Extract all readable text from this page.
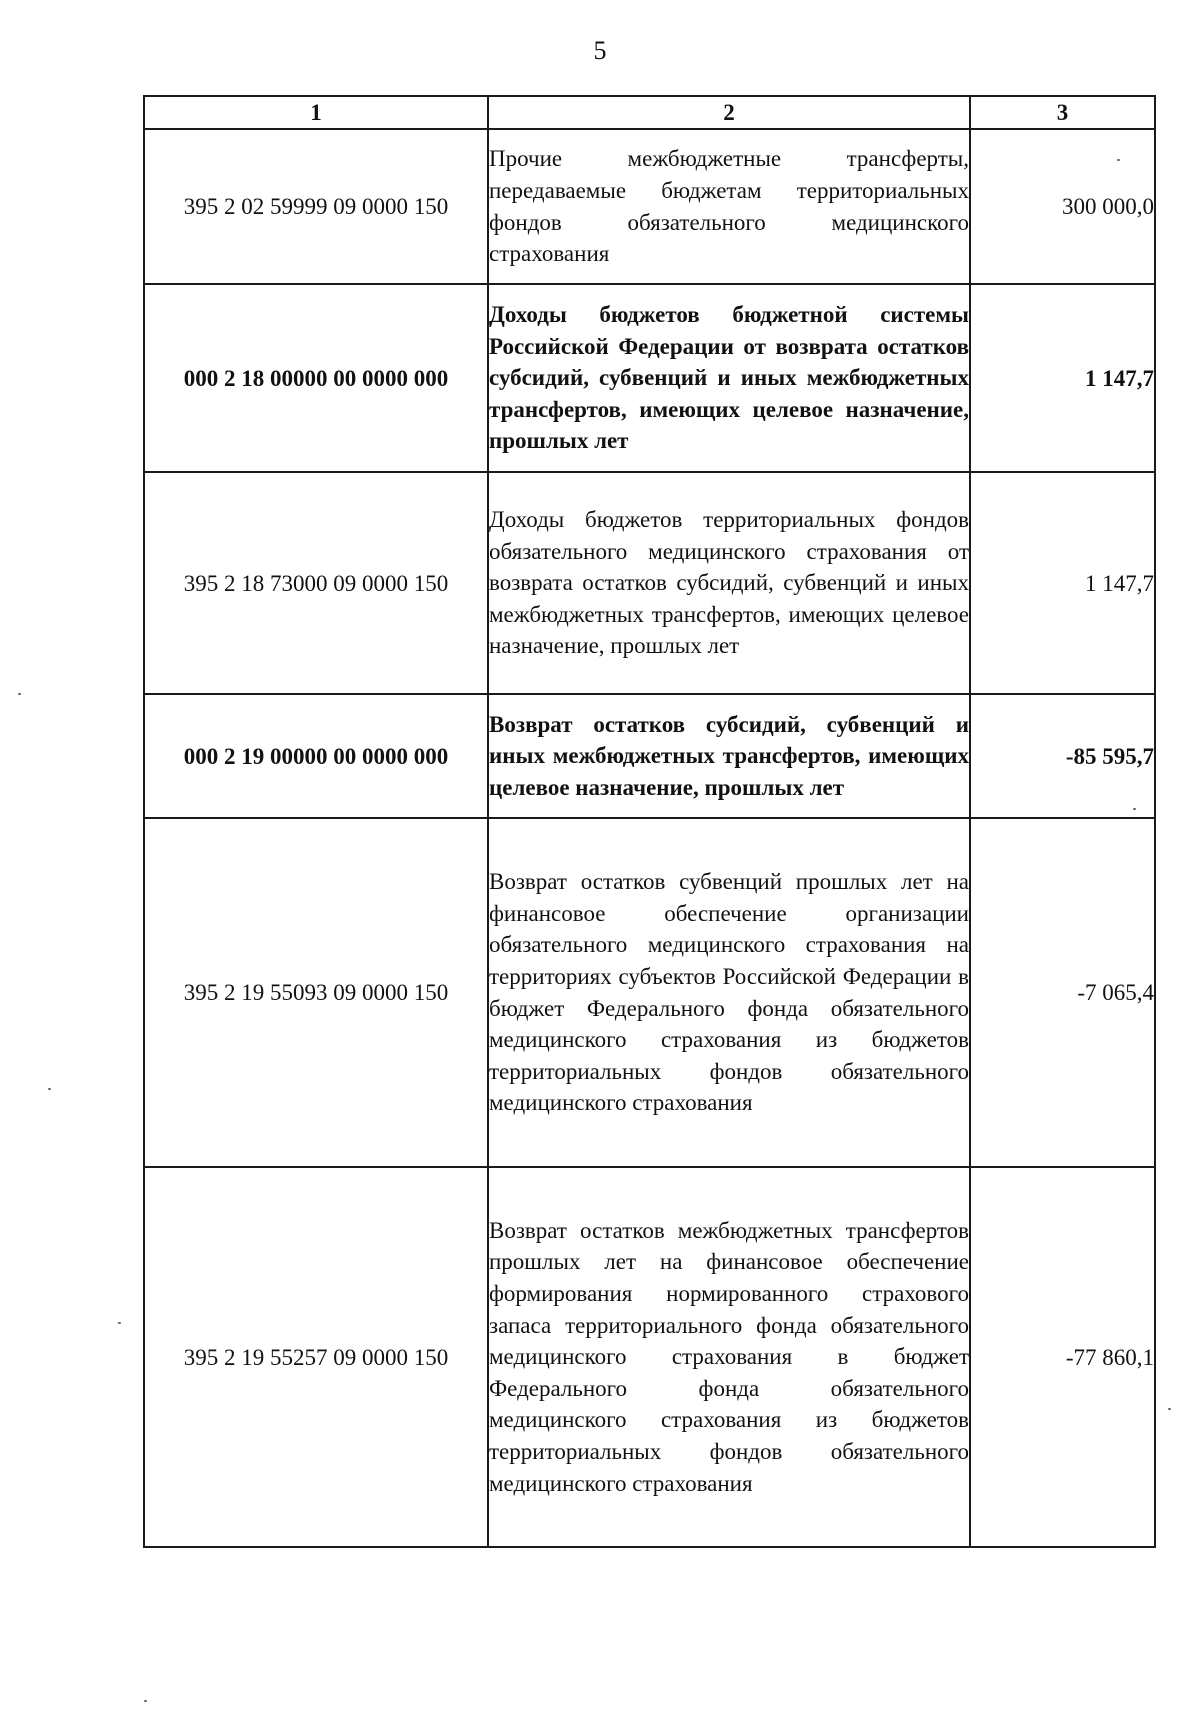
5
1	2	3
395 2 02 59999 09 0000 150	Прочие межбюджетные трансферты, передаваемые бюджетам территориальных фондов обязательного медицинского страхования	300 000,0
000 2 18 00000 00 0000 000	Доходы бюджетов бюджетной системы Российской Федерации от возврата остатков субсидий, субвенций и иных межбюджетных трансфертов, имеющих целевое назначение, прошлых лет	1 147,7
395 2 18 73000 09 0000 150	Доходы бюджетов территориальных фондов обязательного медицинского страхования от возврата остатков субсидий, субвенций и иных межбюджетных трансфертов, имеющих целевое назначение, прошлых лет	1 147,7
000 2 19 00000 00 0000 000	Возврат остатков субсидий, субвенций и иных межбюджетных трансфертов, имеющих целевое назначение, прошлых лет	-85 595,7
395 2 19 55093 09 0000 150	Возврат остатков субвенций прошлых лет на финансовое обеспечение организации обязательного медицинского страхования на территориях субъектов Российской Федерации в бюджет Федерального фонда обязательного медицинского страхования из бюджетов территориальных фондов обязательного медицинского страхования	-7 065,4
395 2 19 55257 09 0000 150	Возврат остатков межбюджетных трансфертов прошлых лет на финансовое обеспечение формирования нормированного страхового запаса территориального фонда обязательного медицинского страхования в бюджет Федерального фонда обязательного медицинского страхования из бюджетов территориальных фондов обязательного медицинского страхования	-77 860,1
